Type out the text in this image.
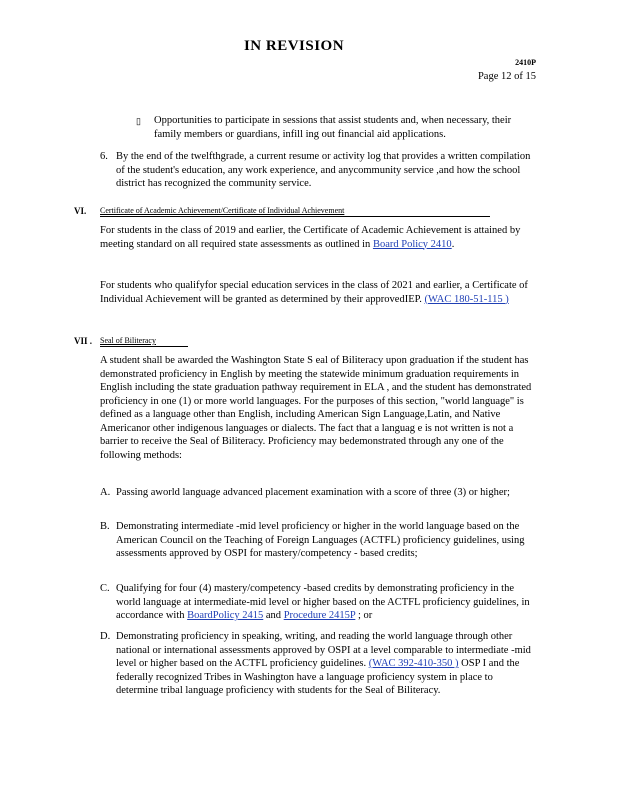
IN REVISION
2410P
Page 12 of 15
▯ Opportunities to participate in sessions that assist students and, when necessary, their family members or guardians, infill ing out financial aid applications.
6. By the end of the twelfthgrade, a current resume or activity log that provides a written compilation of the student's education, any work experience, and anycommunity service ,and how the school district has recognized the community service.
VI. Certificate of Academic Achievement/Certificate of Individual Achievement
For students in the class of 2019 and earlier, the Certificate of Academic Achievement is attained by meeting standard on all required state assessments as outlined in Board Policy 2410.
For students who qualifyfor special education services in the class of 2021 and earlier, a Certificate of Individual Achievement will be granted as determined by their approvedIEP. (WAC 180-51-115 )
VII . Seal of Biliteracy
A student shall be awarded the Washington State S eal of Biliteracy upon graduation if the student has demonstrated proficiency in English by meeting the statewide minimum graduation requirements in English including the state graduation pathway requirement in ELA , and the student has demonstrated proficiency in one (1) or more world languages. For the purposes of this section, "world language" is defined as a language other than English, including American Sign Language,Latin, and Native Americanor other indigenous languages or dialects. The fact that a languag e is not written is not a barrier to receive the Seal of Biliteracy. Proficiency may bedemonstrated through any one of the following methods:
A. Passing aworld language advanced placement examination with a score of three (3) or higher;
B. Demonstrating intermediate -mid level proficiency or higher in the world language based on the American Council on the Teaching of Foreign Languages (ACTFL) proficiency guidelines, using assessments approved by OSPI for mastery/competency - based credits;
C. Qualifying for four (4) mastery/competency -based credits by demonstrating proficiency in the world language at intermediate-mid level or higher based on the ACTFL proficiency guidelines, in accordance with BoardPolicy 2415 and Procedure 2415P ; or
D. Demonstrating proficiency in speaking, writing, and reading the world language through other national or international assessments approved by OSPI at a level comparable to intermediate -mid level or higher based on the ACTFL proficiency guidelines. (WAC 392-410-350 ) OSP I and the federally recognized Tribes in Washington have a language proficiency system in place to determine tribal language proficiency with students for the Seal of Biliteracy.
